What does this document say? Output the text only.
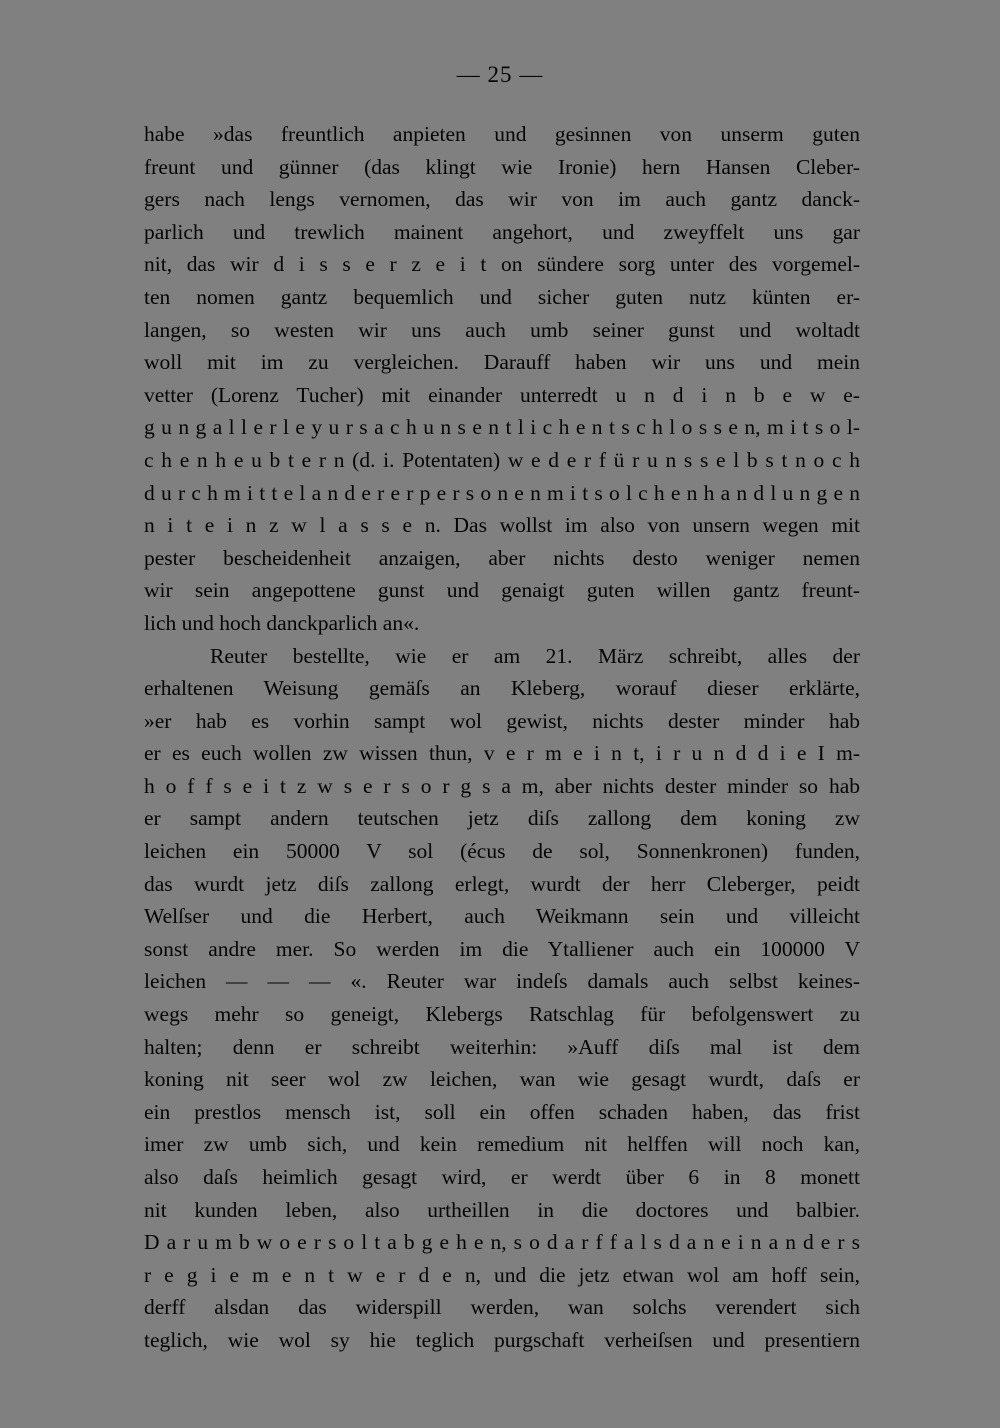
— 25 —
habe »das freuntlich anpieten und gesinnen von unserm guten
freunt und günner (das klingt wie Ironie) hern Hansen Cleber-
gers nach lengs vernomen, das wir von im auch gantz danck-
parlich und trewlich mainent angehort, und zweyffelt uns gar
nit, das wir d i s s e r z e i t on sündere sorg unter des vorgemel-
ten nomen gantz bequemlich und sicher guten nutz künten er-
langen, so westen wir uns auch umb seiner gunst und woltadt
woll mit im zu vergleichen. Darauff haben wir uns und mein
vetter (Lorenz Tucher) mit einander unterredt u n d i n b e w e-
g u n g a l l e r l e y u r s a c h u n s e n t l i c h e n t s c h l o s s e n, m i t s o l-
c h e n h e u b t e r n (d. i. Potentaten) w e d e r f ü r u n s s e l b s t n o c h
d u r c h m i t t e l a n d e r e r p e r s o n e n m i t s o l c h e n h a n d l u n g e n
n i t e i n z w l a s s e n. Das wollst im also von unsern wegen mit
pester bescheidenheit anzaigen, aber nichts desto weniger nemen
wir sein angepottene gunst und genaigt guten willen gantz freunt-
lich und hoch danckparlich an«.
Reuter bestellte, wie er am 21. März schreibt, alles der
erhaltenen Weisung gemäſs an Kleberg, worauf dieser erklärte,
»er hab es vorhin sampt wol gewist, nichts dester minder hab
er es euch wollen zw wissen thun, v e r m e i n t, i r u n d d i e I m-
h o f f s e i t z w s e r s o r g s a m, aber nichts dester minder so hab
er sampt andern teutschen jetz diſs zallong dem koning zw
leichen ein 50000 V sol (écus de sol, Sonnenkronen) funden,
das wurdt jetz diſs zallong erlegt, wurdt der herr Cleberger, peidt
Welſser und die Herbert, auch Weikmann sein und villeicht
sonst andre mer. So werden im die Ytalliener auch ein 100000 V
leichen — — — «. Reuter war indeſs damals auch selbst keines-
wegs mehr so geneigt, Klebergs Ratschlag für befolgenswert zu
halten; denn er schreibt weiterhin: »Auff diſs mal ist dem
koning nit seer wol zw leichen, wan wie gesagt wurdt, daſs er
ein prestlos mensch ist, soll ein offen schaden haben, das frist
imer zw umb sich, und kein remedium nit helffen will noch kan,
also daſs heimlich gesagt wird, er werdt über 6 in 8 monett
nit kunden leben, also urtheillen in die doctores und balbier.
D a r u m b w o e r s o l t a b g e h e n, s o d a r f f a l s d a n e i n a n d e r s
r e g i e m e n t w e r d e n, und die jetz etwan wol am hoff sein,
derff alsdan das widerspill werden, wan solchs verendert sich
teglich, wie wol sy hie teglich purgschaft verheiſsen und presentiern
